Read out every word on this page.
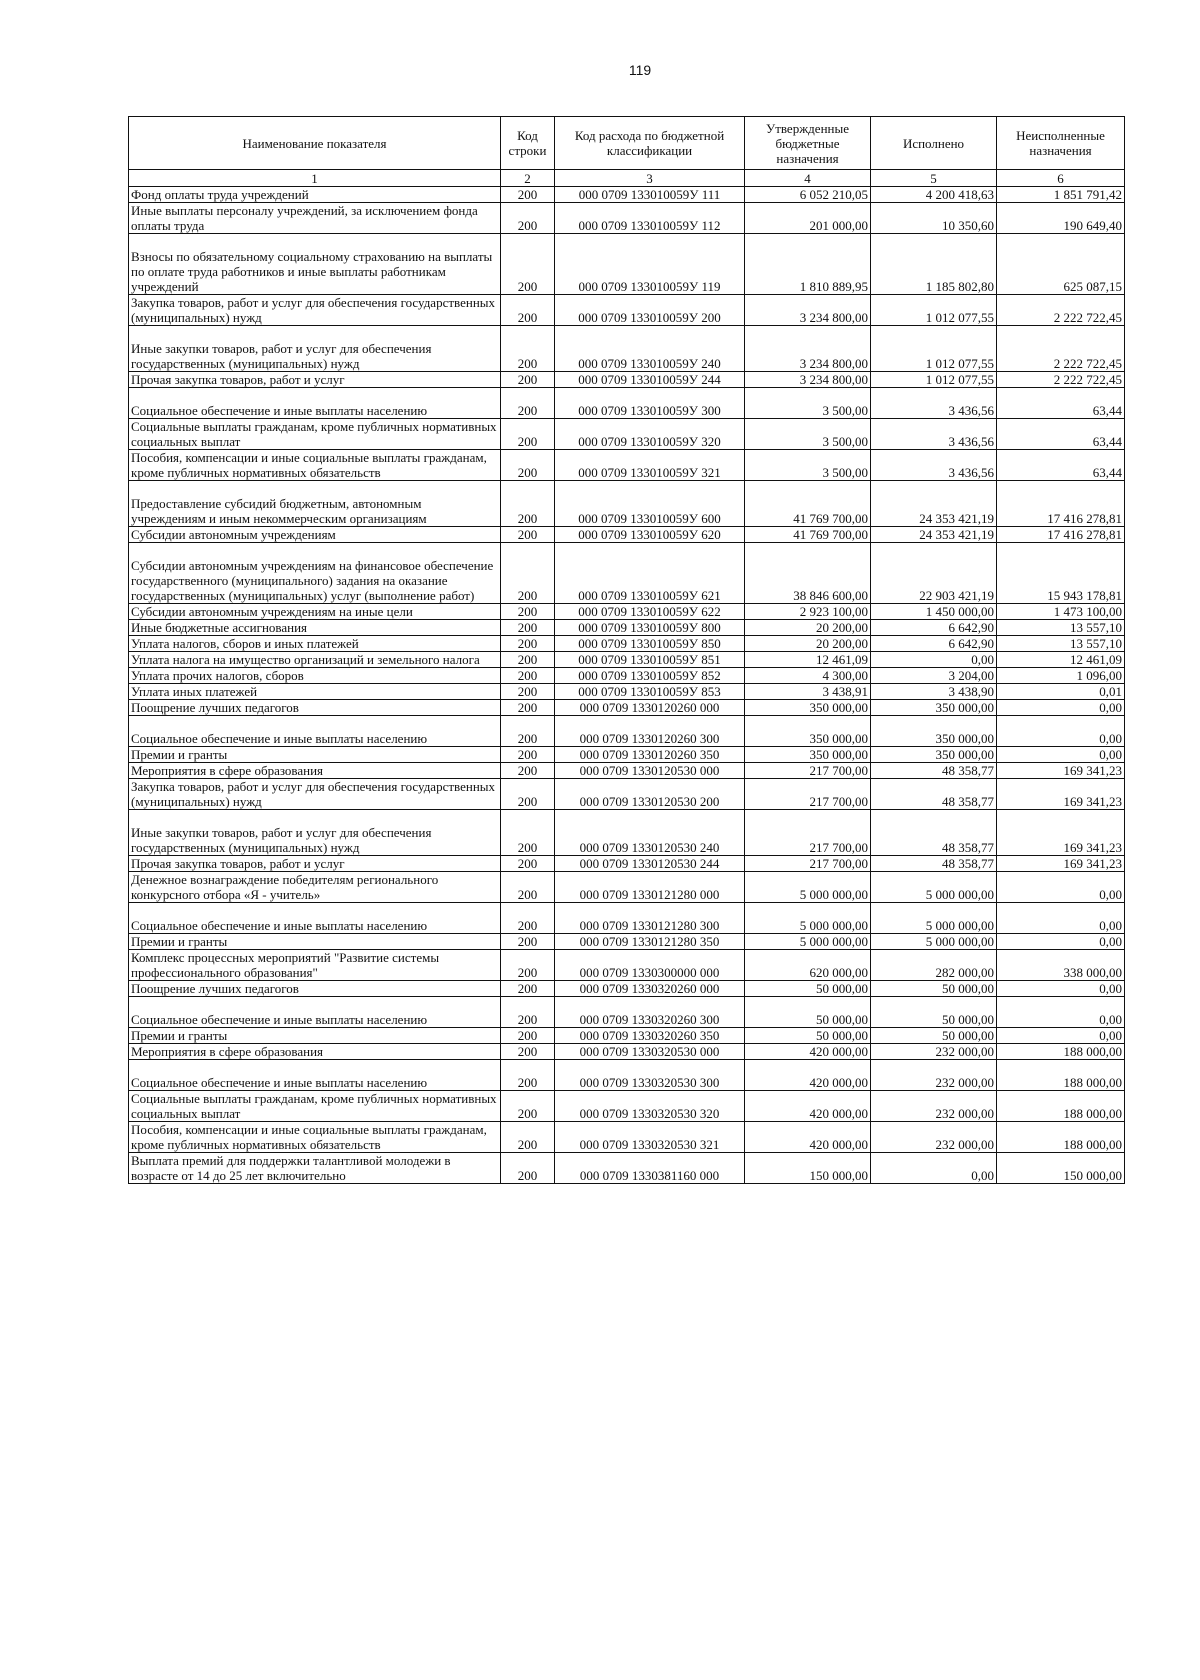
119
Наименование показателя	Код строки	Код расхода по бюджетной классификации	Утвержденные бюджетные назначения	Исполнено	Неисполненные назначения
1	2	3	4	5	6
Фонд оплаты труда учреждений	200	000 0709 133010059У 111	6 052 210,05	4 200 418,63	1 851 791,42
Иные выплаты персоналу учреждений, за исключением фонда оплаты труда	200	000 0709 133010059У 112	201 000,00	10 350,60	190 649,40
Взносы по обязательному социальному страхованию на выплаты по оплате труда работников и иные выплаты работникам учреждений	200	000 0709 133010059У 119	1 810 889,95	1 185 802,80	625 087,15
Закупка товаров, работ и услуг для обеспечения государственных (муниципальных) нужд	200	000 0709 133010059У 200	3 234 800,00	1 012 077,55	2 222 722,45
Иные закупки товаров, работ и услуг для обеспечения государственных (муниципальных) нужд	200	000 0709 133010059У 240	3 234 800,00	1 012 077,55	2 222 722,45
Прочая закупка товаров, работ и услуг	200	000 0709 133010059У 244	3 234 800,00	1 012 077,55	2 222 722,45
Социальное обеспечение и иные выплаты населению	200	000 0709 133010059У 300	3 500,00	3 436,56	63,44
Социальные выплаты гражданам, кроме публичных нормативных социальных выплат	200	000 0709 133010059У 320	3 500,00	3 436,56	63,44
Пособия, компенсации и иные социальные выплаты гражданам, кроме публичных нормативных обязательств	200	000 0709 133010059У 321	3 500,00	3 436,56	63,44
Предоставление субсидий бюджетным, автономным учреждениям и иным некоммерческим организациям	200	000 0709 133010059У 600	41 769 700,00	24 353 421,19	17 416 278,81
Субсидии автономным учреждениям	200	000 0709 133010059У 620	41 769 700,00	24 353 421,19	17 416 278,81
Субсидии автономным учреждениям на финансовое обеспечение государственного (муниципального) задания на оказание государственных (муниципальных) услуг (выполнение работ)	200	000 0709 133010059У 621	38 846 600,00	22 903 421,19	15 943 178,81
Субсидии автономным учреждениям на иные цели	200	000 0709 133010059У 622	2 923 100,00	1 450 000,00	1 473 100,00
Иные бюджетные ассигнования	200	000 0709 133010059У 800	20 200,00	6 642,90	13 557,10
Уплата налогов, сборов и иных платежей	200	000 0709 133010059У 850	20 200,00	6 642,90	13 557,10
Уплата налога на имущество организаций и земельного налога	200	000 0709 133010059У 851	12 461,09	0,00	12 461,09
Уплата прочих налогов, сборов	200	000 0709 133010059У 852	4 300,00	3 204,00	1 096,00
Уплата иных платежей	200	000 0709 133010059У 853	3 438,91	3 438,90	0,01
Поощрение лучших педагогов	200	000 0709 1330120260 000	350 000,00	350 000,00	0,00
Социальное обеспечение и иные выплаты населению	200	000 0709 1330120260 300	350 000,00	350 000,00	0,00
Премии и гранты	200	000 0709 1330120260 350	350 000,00	350 000,00	0,00
Мероприятия в сфере образования	200	000 0709 1330120530 000	217 700,00	48 358,77	169 341,23
Закупка товаров, работ и услуг для обеспечения государственных (муниципальных) нужд	200	000 0709 1330120530 200	217 700,00	48 358,77	169 341,23
Иные закупки товаров, работ и услуг для обеспечения государственных (муниципальных) нужд	200	000 0709 1330120530 240	217 700,00	48 358,77	169 341,23
Прочая закупка товаров, работ и услуг	200	000 0709 1330120530 244	217 700,00	48 358,77	169 341,23
Денежное вознаграждение победителям регионального конкурсного отбора «Я - учитель»	200	000 0709 1330121280 000	5 000 000,00	5 000 000,00	0,00
Социальное обеспечение и иные выплаты населению	200	000 0709 1330121280 300	5 000 000,00	5 000 000,00	0,00
Премии и гранты	200	000 0709 1330121280 350	5 000 000,00	5 000 000,00	0,00
Комплекс процессных мероприятий "Развитие системы профессионального образования"	200	000 0709 1330300000 000	620 000,00	282 000,00	338 000,00
Поощрение лучших педагогов	200	000 0709 1330320260 000	50 000,00	50 000,00	0,00
Социальное обеспечение и иные выплаты населению	200	000 0709 1330320260 300	50 000,00	50 000,00	0,00
Премии и гранты	200	000 0709 1330320260 350	50 000,00	50 000,00	0,00
Мероприятия в сфере образования	200	000 0709 1330320530 000	420 000,00	232 000,00	188 000,00
Социальное обеспечение и иные выплаты населению	200	000 0709 1330320530 300	420 000,00	232 000,00	188 000,00
Социальные выплаты гражданам, кроме публичных нормативных социальных выплат	200	000 0709 1330320530 320	420 000,00	232 000,00	188 000,00
Пособия, компенсации и иные социальные выплаты гражданам, кроме публичных нормативных обязательств	200	000 0709 1330320530 321	420 000,00	232 000,00	188 000,00
Выплата премий для поддержки талантливой молодежи в возрасте от 14 до 25 лет включительно	200	000 0709 1330381160 000	150 000,00	0,00	150 000,00
